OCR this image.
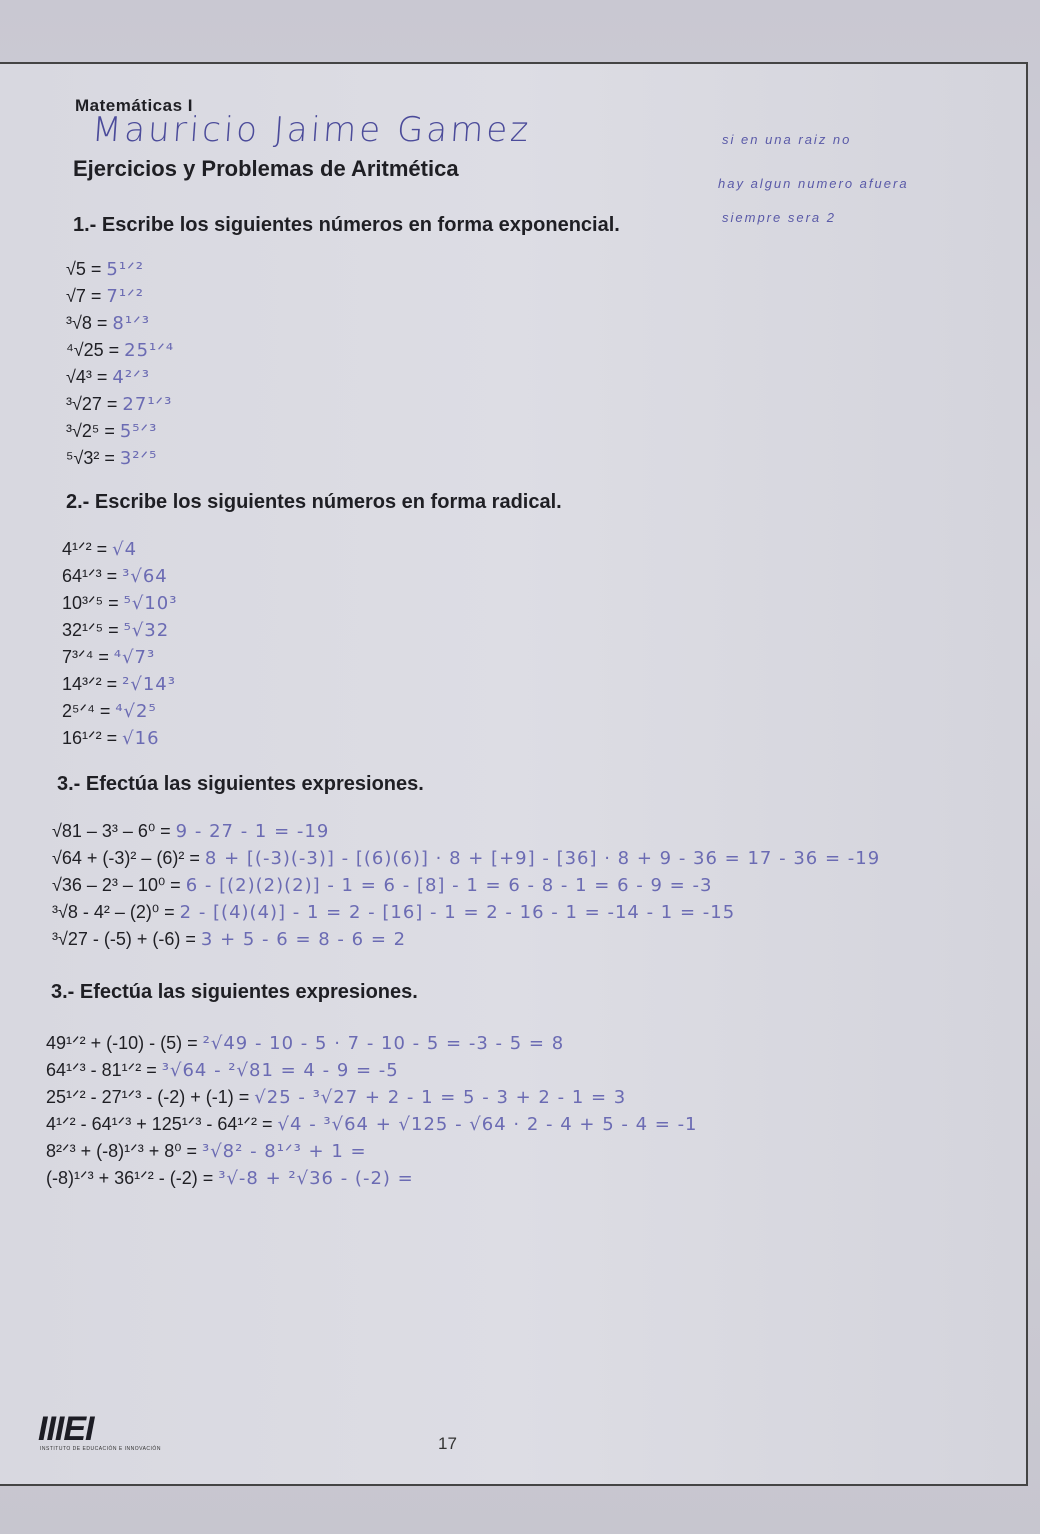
Matemáticas I
Mauricio Jaime Gamez
Ejercicios y Problemas de Aritmética
si en una raiz no
hay algun numero afuera
siempre sera 2
1.- Escribe los siguientes números en forma exponencial.
√5 = 5¹ᐟ²
√7 = 7¹ᐟ²
³√8 = 8¹ᐟ³
⁴√25 = 25¹ᐟ⁴
√4³ = 4²ᐟ³
³√27 = 27¹ᐟ³
³√2⁵ = 5⁵ᐟ³
⁵√3² = 3²ᐟ⁵
2.- Escribe los siguientes números en forma radical.
4¹ᐟ² = √4
64¹ᐟ³ = ³√64
10³ᐟ⁵ = ⁵√10³
32¹ᐟ⁵ = ⁵√32
7³ᐟ⁴ = ⁴√7³
14³ᐟ² = ²√14³
2⁵ᐟ⁴ = ⁴√2⁵
16¹ᐟ² = √16
3.- Efectúa las siguientes expresiones.
√81 – 3³ – 6⁰ = 9 - 27 - 1 = -19
√64 + (-3)² – (6)² = 8 + [(-3)(-3)] - [(6)(6)] · 8 + [+9] - [36] · 8 + 9 - 36 = 17 - 36 = -19
√36 – 2³ – 10⁰ = 6 - [(2)(2)(2)] - 1 = 6 - [8] - 1 = 6 - 8 - 1 = 6 - 9 = -3
³√8 - 4² – (2)⁰ = 2 - [(4)(4)] - 1 = 2 - [16] - 1 = 2 - 16 - 1 = -14 - 1 = -15
³√27 - (-5) + (-6) = 3 + 5 - 6 = 8 - 6 = 2
3.- Efectúa las siguientes expresiones.
49¹ᐟ² + (-10) - (5) = ²√49 - 10 - 5 · 7 - 10 - 5 = -3 - 5 = 8
64¹ᐟ³ - 81¹ᐟ² = ³√64 - ²√81 = 4 - 9 = -5
25¹ᐟ² - 27¹ᐟ³ - (-2) + (-1) = √25 - ³√27 + 2 - 1 = 5 - 3 + 2 - 1 = 3
4¹ᐟ² - 64¹ᐟ³ + 125¹ᐟ³ - 64¹ᐟ² = √4 - ³√64 + √125 - √64 · 2 - 4 + 5 - 4 = -1
8²ᐟ³ + (-8)¹ᐟ³ + 8⁰ = ³√8² - 8¹ᐟ³ + 1 =
(-8)¹ᐟ³ + 36¹ᐟ² - (-2) = ³√-8 + ²√36 - (-2) =
IIIEI
INSTITUTO DE EDUCACIÓN E INNOVACIÓN	17
